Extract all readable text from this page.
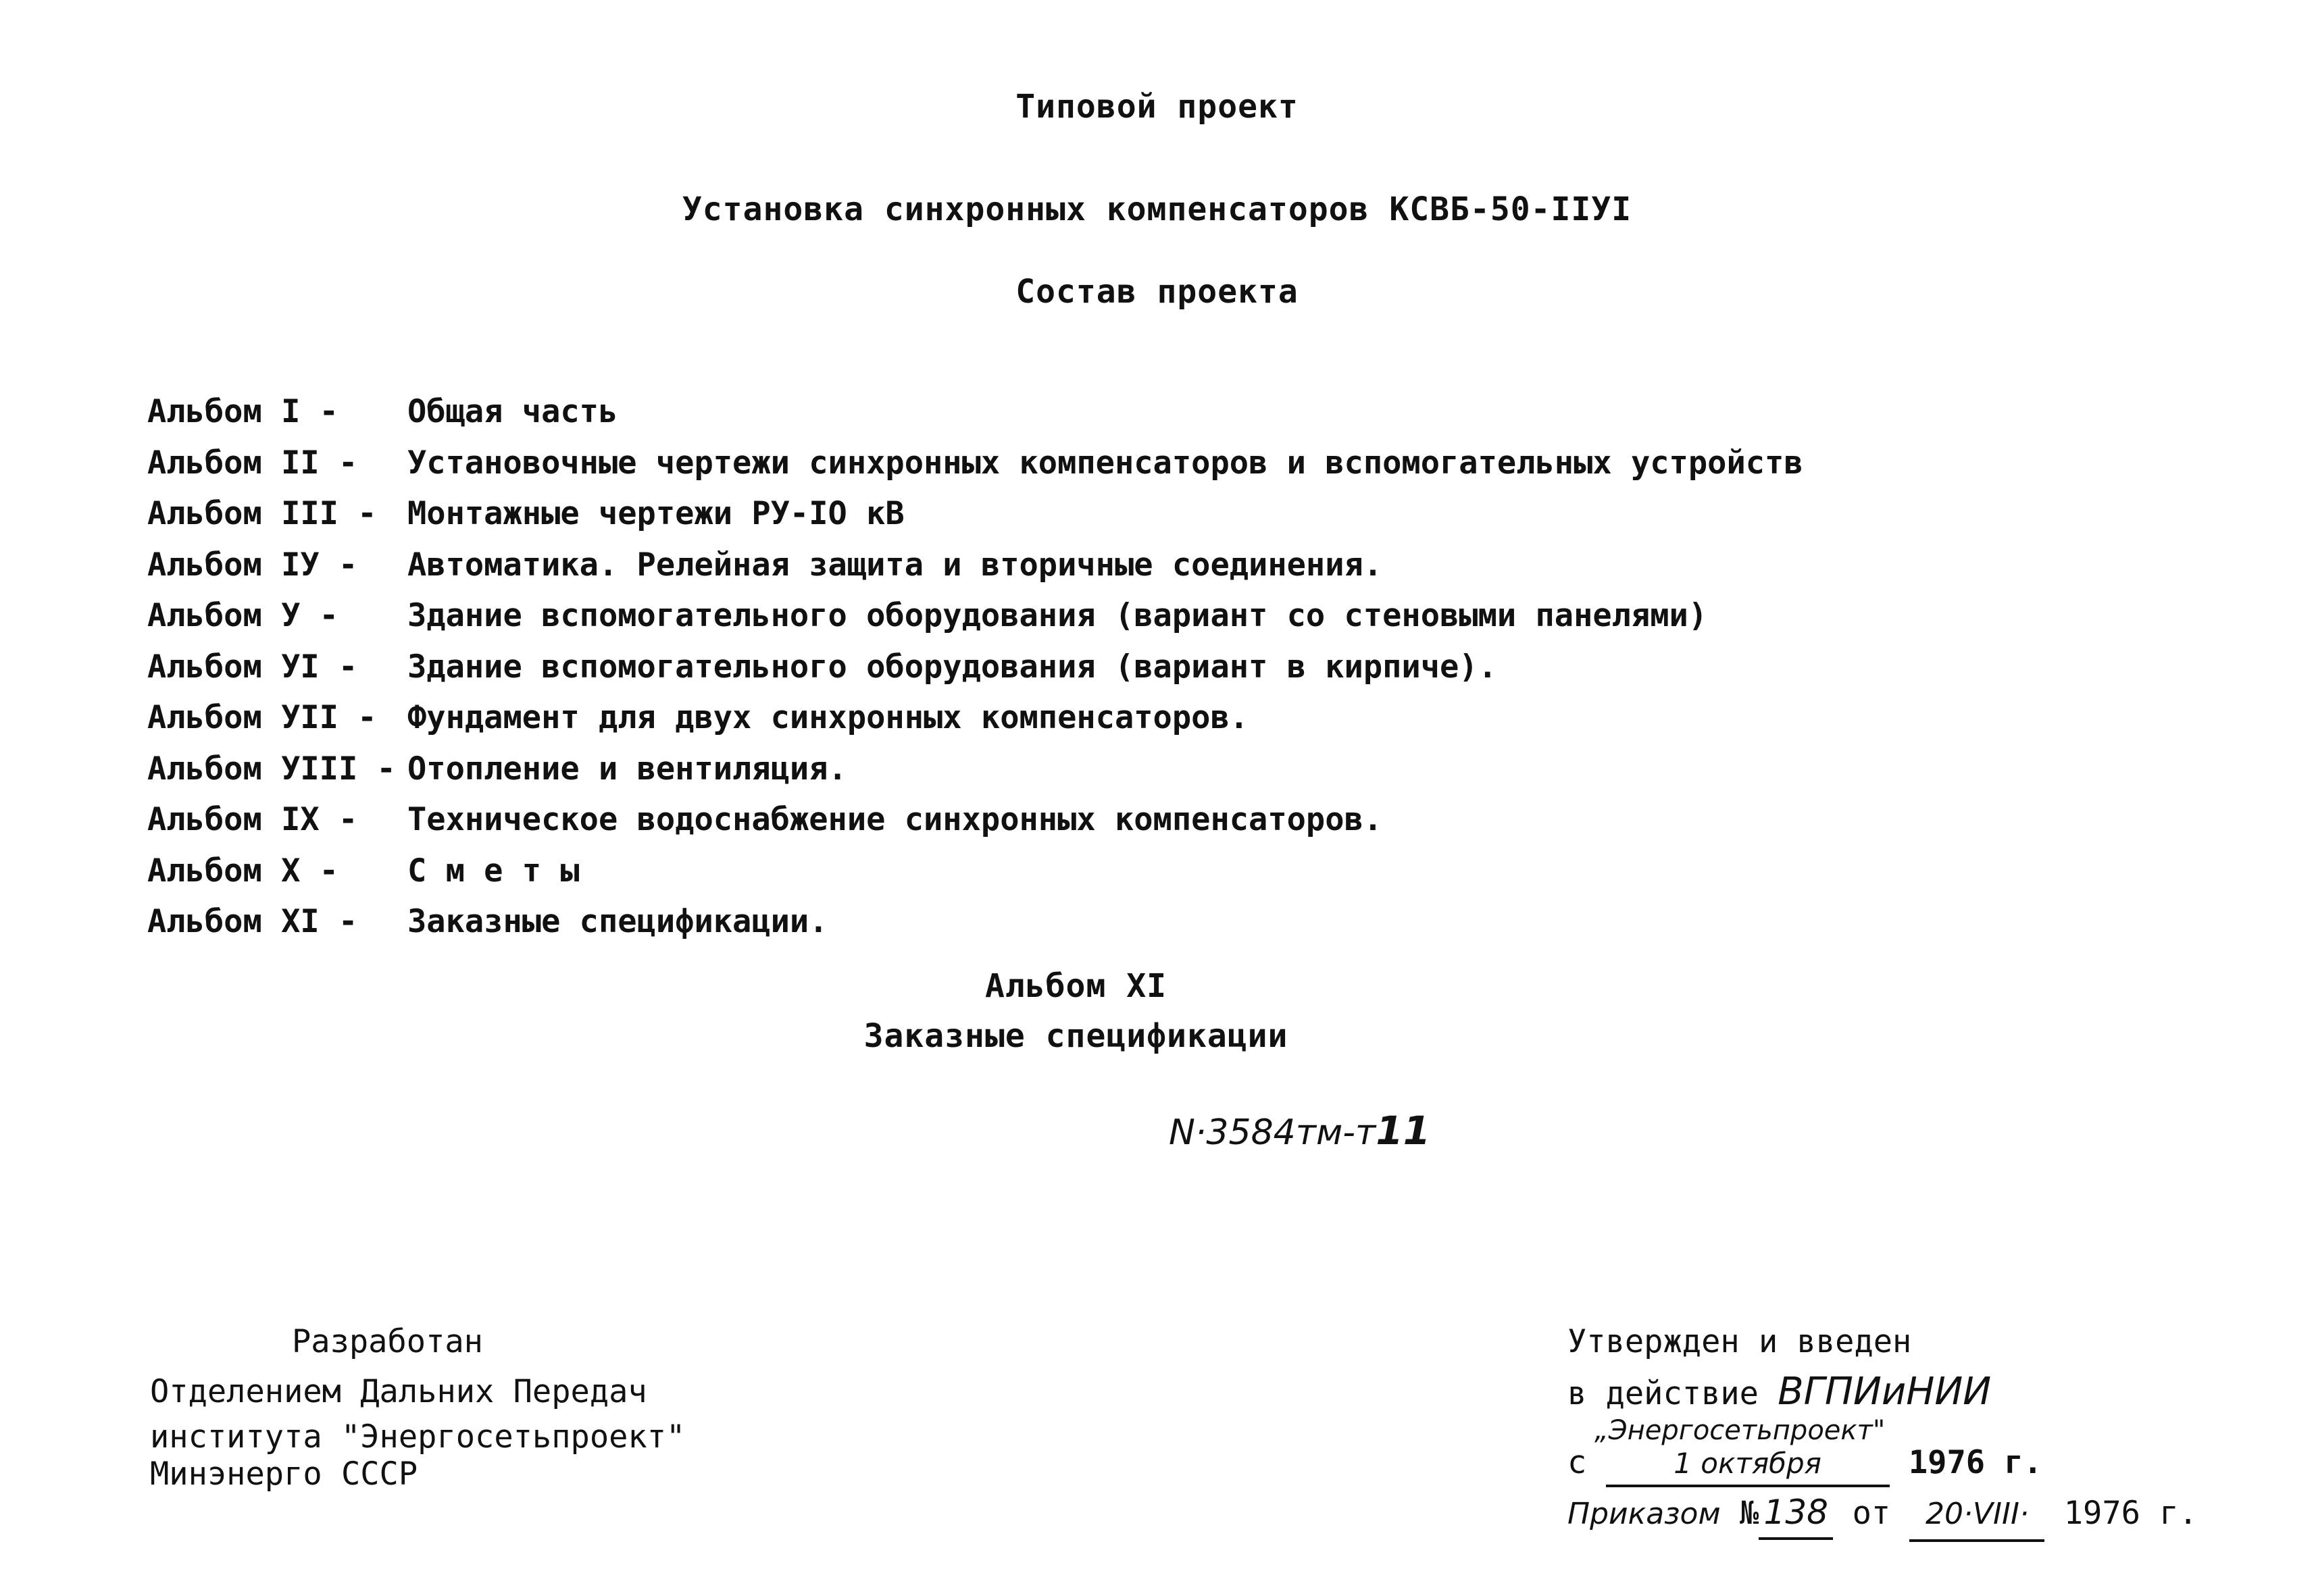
Типовой проект
Установка синхронных компенсаторов КСВБ-50-IIУI
Состав проекта
Альбом I -	Общая часть
Альбом II -	Установочные чертежи синхронных компенсаторов и вспомогательных устройств
Альбом III - Монтажные чертежи РУ-IO кВ
Альбом IУ -	Автоматика. Релейная защита и вторичные соединения.
Альбом У -	Здание вспомогательного оборудования (вариант со стеновыми панелями)
Альбом УI -	Здание вспомогательного оборудования (вариант в кирпиче).
Альбом УII - Фундамент для двух синхронных компенсаторов.
Альбом УIII - Отопление и вентиляция.
Альбом IX -	Техническое водоснабжение синхронных компенсаторов.
Альбом X -	С м е т ы
Альбом XI -	Заказные спецификации.
Альбом XI
Заказные спецификации
N·3584тм-т11
Разработан
Отделением Дальних Передач
института "Энергосетьпроект"
Минэнерго СССР
Утвержден и введен
в действие ВГПИиНИИ
„Энергосетьпроект"
с	1 октября	1976 г.
Приказом № 138 от 20·VIII· 1976 г.
